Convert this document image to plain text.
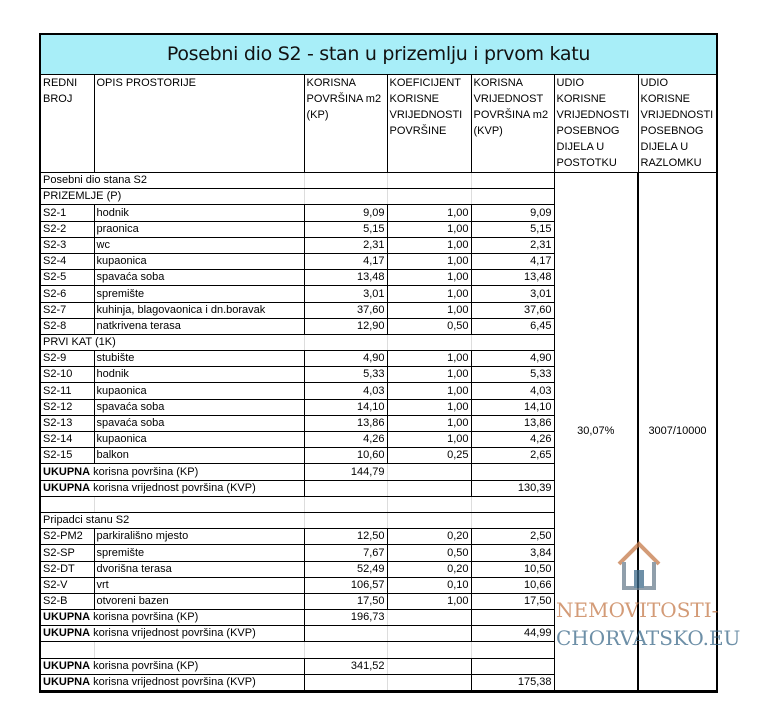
Posebni dio S2 - stan u prizemlju i prvom katu
REDNI BROJ	OPIS PROSTORIJE	KORISNA POVRŠINA m2 (KP)	KOEFICIJENT KORISNE VRIJEDNOSTI POVRŠINE	KORISNA VRIJEDNOST POVRŠINA m2 (KVP)	UDIO KORISNE VRIJEDNOSTI POSEBNOG DIJELA U POSTOTKU	UDIO KORISNE VRIJEDNOSTI POSEBNOG DIJELA U RAZLOMKU
Posebni dio stana S2					30,07%	3007/10000
PRIZEMLJE (P)						
S2-1	hodnik	9,09	1,00	9,09		
S2-2	praonica	5,15	1,00	5,15		
S2-3	wc	2,31	1,00	2,31		
S2-4	kupaonica	4,17	1,00	4,17		
S2-5	spavaća soba	13,48	1,00	13,48		
S2-6	spremište	3,01	1,00	3,01		
S2-7	kuhinja, blagovaonica i dn.boravak	37,60	1,00	37,60		
S2-8	natkrivena terasa	12,90	0,50	6,45		
PRVI KAT (1K)						
S2-9	stubište	4,90	1,00	4,90		
S2-10	hodnik	5,33	1,00	5,33		
S2-11	kupaonica	4,03	1,00	4,03		
S2-12	spavaća soba	14,10	1,00	14,10		
S2-13	spavaća soba	13,86	1,00	13,86		
S2-14	kupaonica	4,26	1,00	4,26		
S2-15	balkon	10,60	0,25	2,65		
UKUPNA korisna površina (KP)		144,79				
UKUPNA korisna vrijednost površina (KVP)				130,39		

Pripadci stanu S2						
S2-PM2	parkirališno mjesto	12,50	0,20	2,50		
S2-SP	spremište	7,67	0,50	3,84		
S2-DT	dvorišna terasa	52,49	0,20	10,50		
S2-V	vrt	106,57	0,10	10,66		
S2-B	otvoreni bazen	17,50	1,00	17,50		
UKUPNA korisna površina (KP)		196,73				
UKUPNA korisna vrijednost površina (KVP)				44,99		

UKUPNA korisna površina (KP)		341,52				
UKUPNA korisna vrijednost površina (KVP)				175,38		
NEMOVITOSTI-
CHORVATSKO.EU
